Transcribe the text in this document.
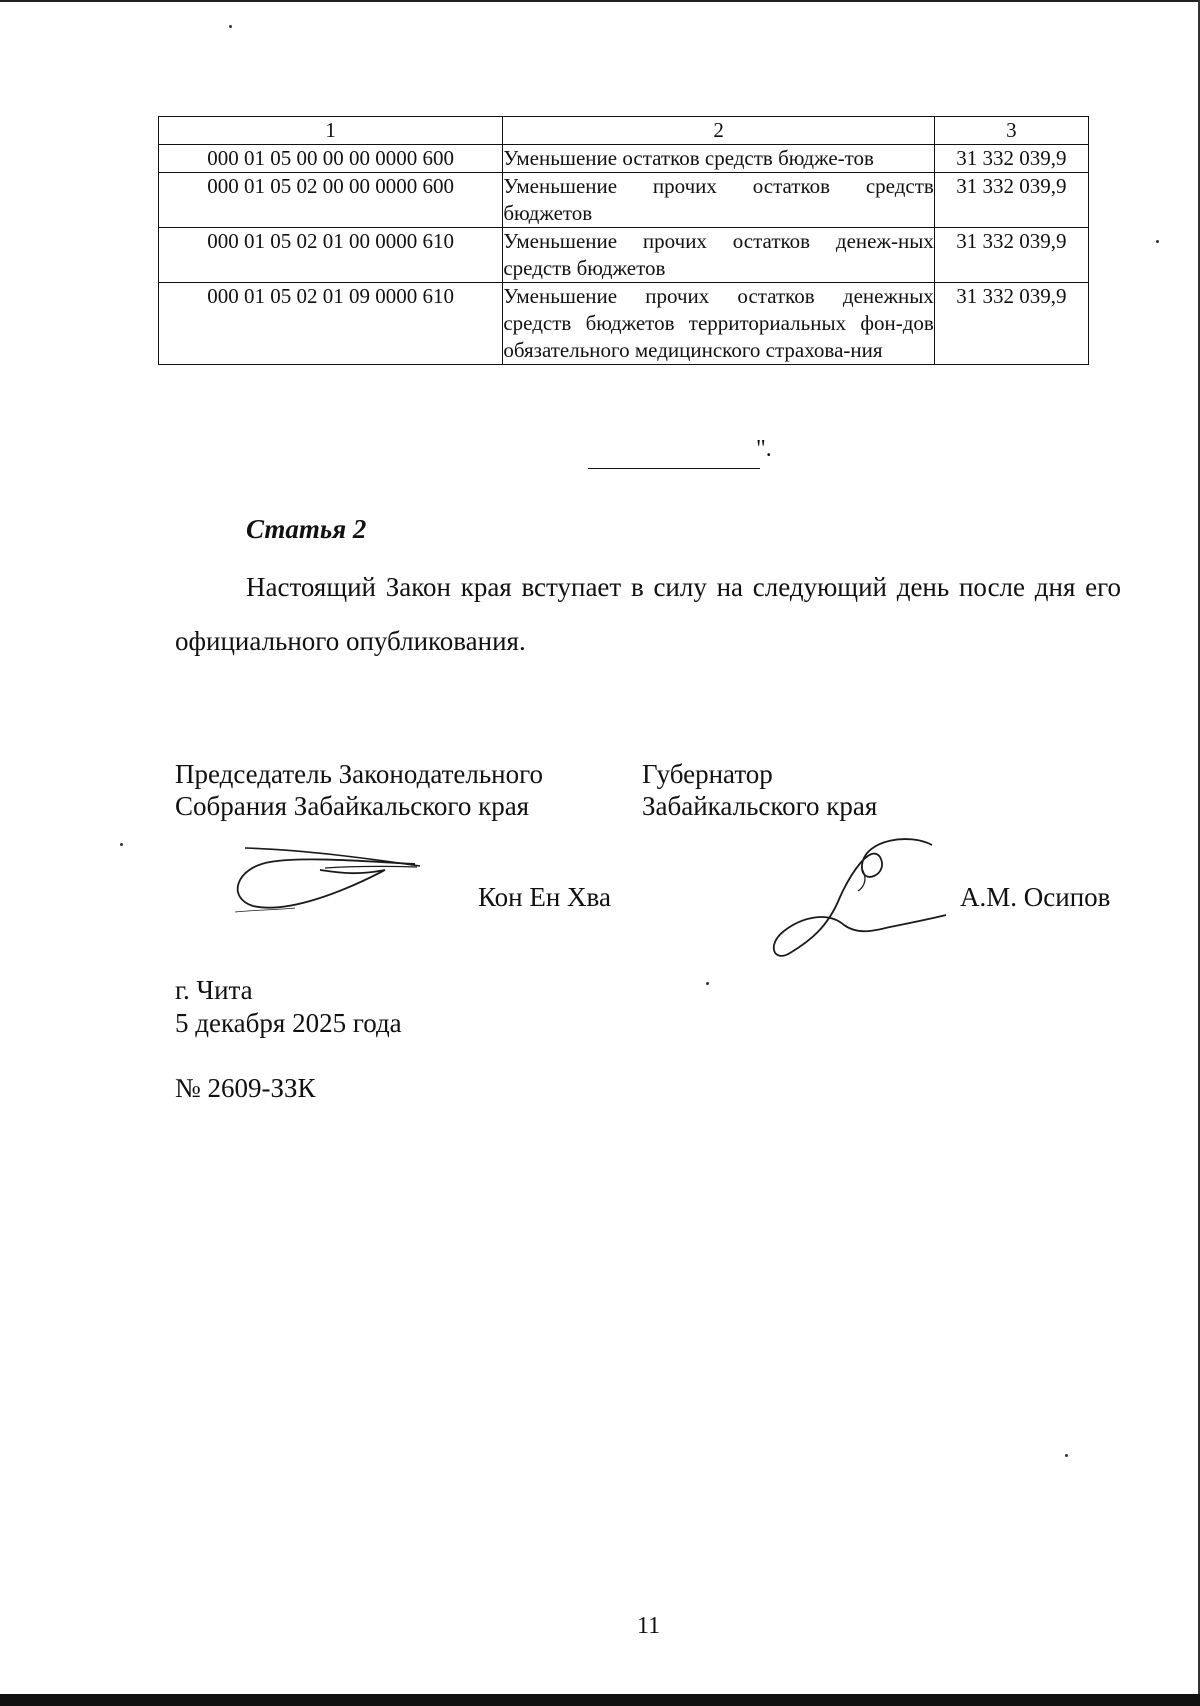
1	2	3
000 01 05 00 00 00 0000 600	Уменьшение остатков средств бюдже-тов	31 332 039,9
000 01 05 02 00 00 0000 600	Уменьшение прочих остатков средств бюджетов	31 332 039,9
000 01 05 02 01 00 0000 610	Уменьшение прочих остатков денеж-ных средств бюджетов	31 332 039,9
000 01 05 02 01 09 0000 610	Уменьшение прочих остатков денежных средств бюджетов территориальных фон-дов обязательного медицинского страхова-ния	31 332 039,9
".
Статья 2

Настоящий Закон края вступает в силу на следующий день после дня его официального опубликования.

Председатель Законодательного
Собрания Забайкальского края
Губернатор
Забайкальского края
Кон Ен Хва	А.М. Осипов
г. Чита
5 декабря 2025 года
№ 2609-ЗЗК
11
